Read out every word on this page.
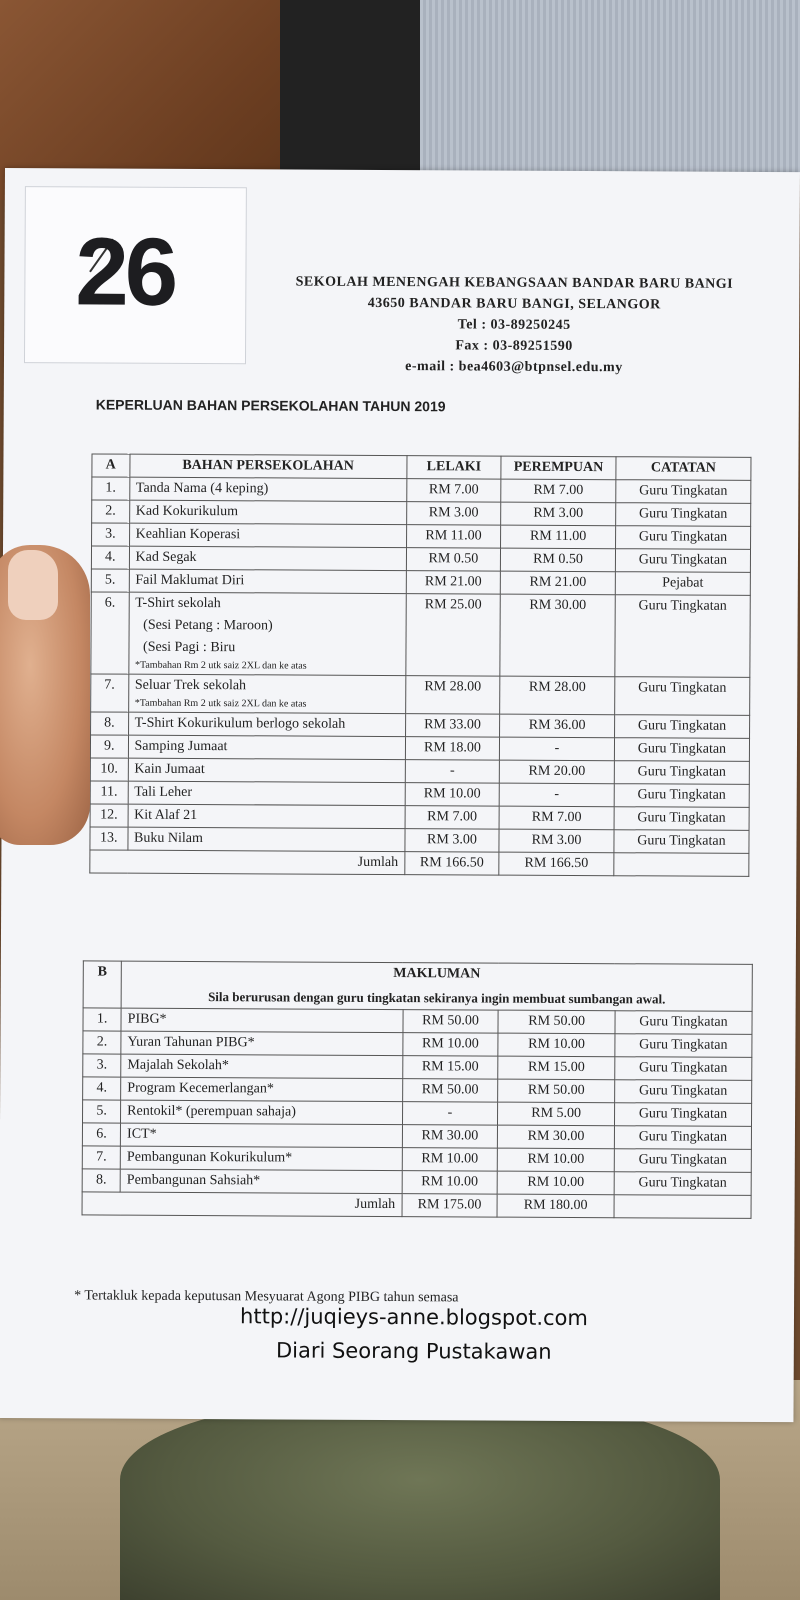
26	SEKOLAH MENENGAH KEBANGSAAN BANDAR BARU BANGI
43650 BANDAR BARU BANGI, SELANGOR
Tel : 03-89250245
Fax : 03-89251590
e-mail : bea4603@btpnsel.edu.my
KEPERLUAN BAHAN PERSEKOLAHAN TAHUN 2019
A	BAHAN PERSEKOLAHAN	LELAKI	PEREMPUAN	CATATAN
1.	Tanda Nama (4 keping)	RM 7.00	RM 7.00	Guru Tingkatan
2.	Kad Kokurikulum	RM 3.00	RM 3.00	Guru Tingkatan
3.	Keahlian Koperasi	RM 11.00	RM 11.00	Guru Tingkatan
4.	Kad Segak	RM 0.50	RM 0.50	Guru Tingkatan
5.	Fail Maklumat Diri	RM 21.00	RM 21.00	Pejabat
6.	T-Shirt sekolah
(Sesi Petang : Maroon)
(Sesi Pagi : Biru
*Tambahan Rm 2 utk saiz 2XL dan ke atas	RM 25.00	RM 30.00	Guru Tingkatan
7.	Seluar Trek sekolah
*Tambahan Rm 2 utk saiz 2XL dan ke atas	RM 28.00	RM 28.00	Guru Tingkatan
8.	T-Shirt Kokurikulum berlogo sekolah	RM 33.00	RM 36.00	Guru Tingkatan
9.	Samping Jumaat	RM 18.00	-	Guru Tingkatan
10.	Kain Jumaat	-	RM 20.00	Guru Tingkatan
11.	Tali Leher	RM 10.00	-	Guru Tingkatan
12.	Kit Alaf 21	RM 7.00	RM 7.00	Guru Tingkatan
13.	Buku Nilam	RM 3.00	RM 3.00	Guru Tingkatan
Jumlah		RM 166.50	RM 166.50	
B	MAKLUMAN
Sila berurusan dengan guru tingkatan sekiranya ingin membuat sumbangan awal.			

1.	PIBG*	RM 50.00	RM 50.00	Guru Tingkatan
2.	Yuran Tahunan PIBG*	RM 10.00	RM 10.00	Guru Tingkatan
3.	Majalah Sekolah*	RM 15.00	RM 15.00	Guru Tingkatan
4.	Program Kecemerlangan*	RM 50.00	RM 50.00	Guru Tingkatan
5.	Rentokil* (perempuan sahaja)	-	RM 5.00	Guru Tingkatan
6.	ICT*	RM 30.00	RM 30.00	Guru Tingkatan
7.	Pembangunan Kokurikulum*	RM 10.00	RM 10.00	Guru Tingkatan
8.	Pembangunan Sahsiah*	RM 10.00	RM 10.00	Guru Tingkatan
Jumlah		RM 175.00	RM 180.00	
* Tertakluk kepada keputusan Mesyuarat Agong PIBG tahun semasa
http://juqieys-anne.blogspot.com
Diari Seorang Pustakawan
